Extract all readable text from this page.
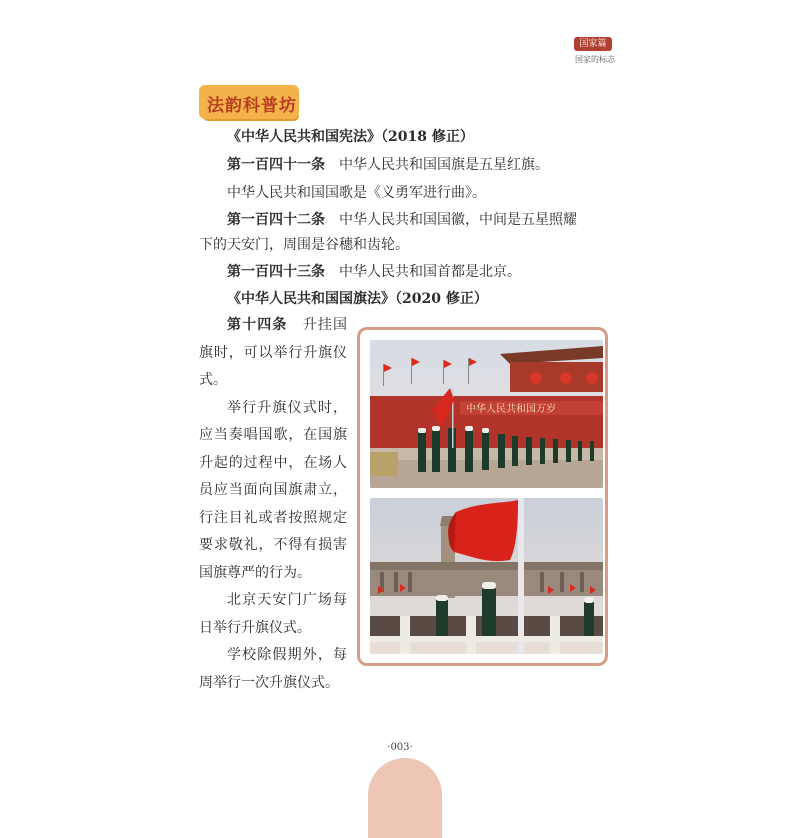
国家篇
国家的标志
法韵科普坊
《中华人民共和国宪法》（2018 修正）
第一百四十一条　 中华人民共和国国旗是五星红旗。
中华人民共和国国歌是《义勇军进行曲》。
第一百四十二条　 中华人民共和国国徽，中间是五星照耀
下的天安门，周围是谷穗和齿轮。
第一百四十三条　 中华人民共和国首都是北京。
《中华人民共和国国旗法》（2020 修正）

第十四条　 升挂国旗时，可以举行升旗仪式。

举行升旗仪式时，应当奏唱国歌，在国旗升起的过程中，在场人员应当面向国旗肃立，行注目礼或者按照规定要求敬礼，不得有损害国旗尊严的行为。

北京天安门广场每日举行升旗仪式。

学校除假期外，每周举行一次升旗仪式。

中华人民共和国万岁
·003·
